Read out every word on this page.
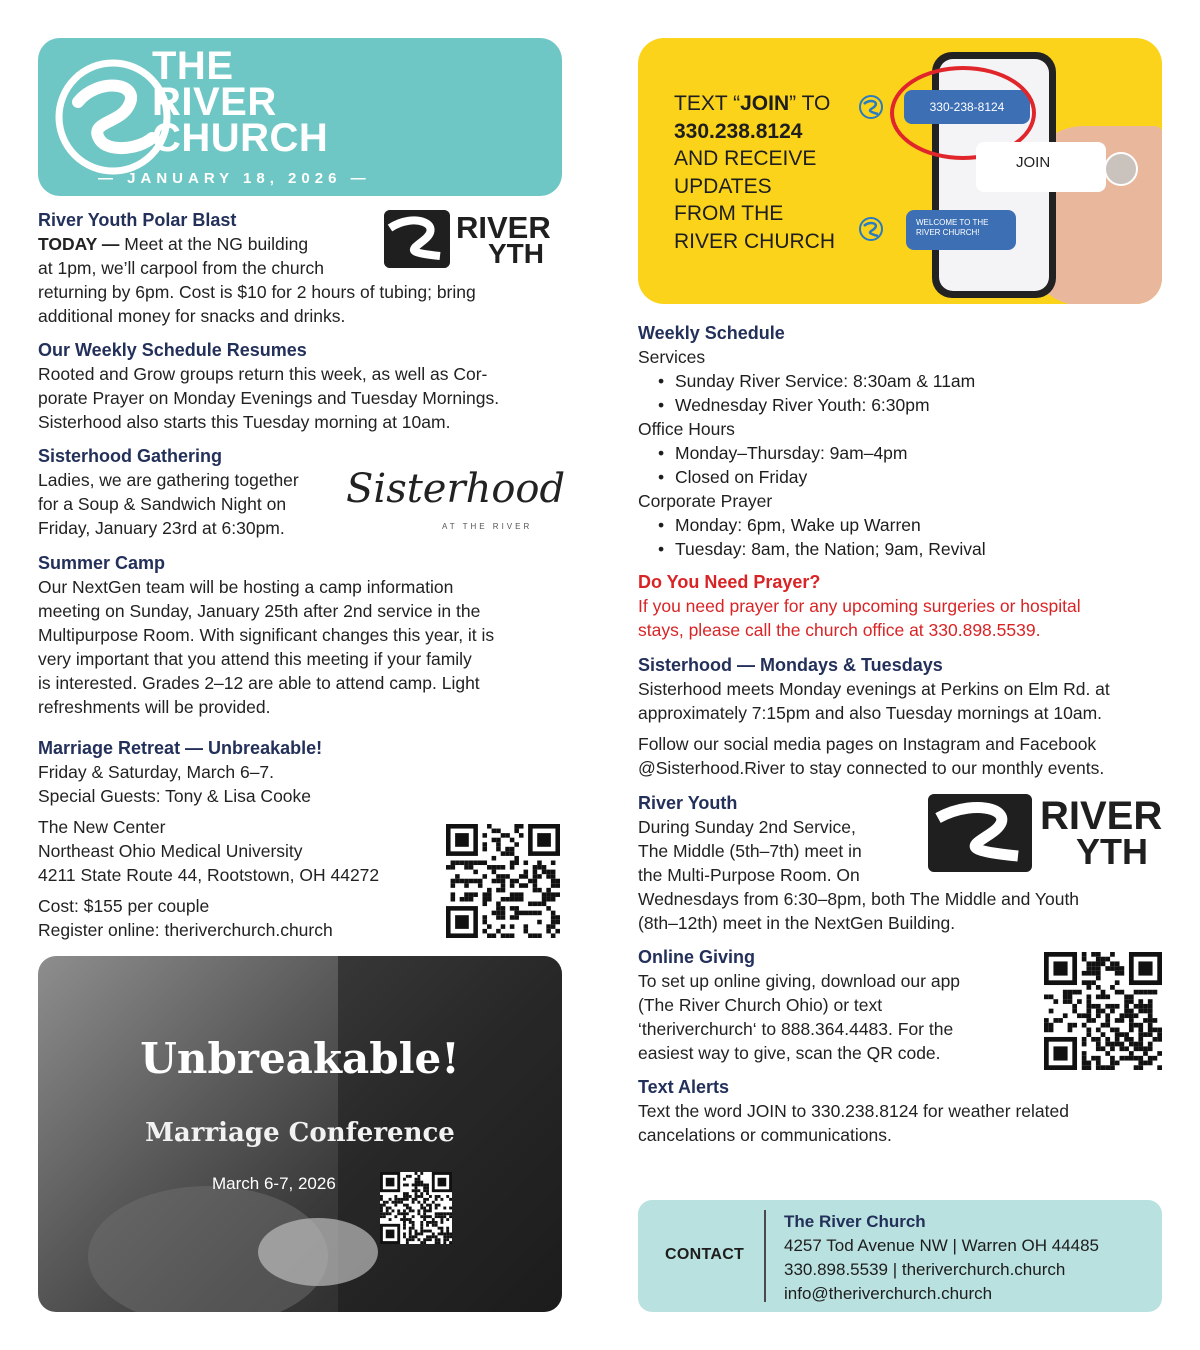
THE
RIVER
CHURCH
— JANUARY 18, 2026 —
River Youth Polar Blast
TODAY — Meet at the NG building
at 1pm, we’ll carpool from the church
returning by 6pm. Cost is $10 for 2 hours of tubing; bring
additional money for snacks and drinks.
RIVER
YTH
Our Weekly Schedule Resumes
Rooted and Grow groups return this week, as well as Cor-
porate Prayer on Monday Evenings and Tuesday Mornings.
Sisterhood also starts this Tuesday morning at 10am.
Sisterhood Gathering
Ladies, we are gathering together
for a Soup & Sandwich Night on
Friday, January 23rd at 6:30pm.
Sisterhood
AT THE RIVER
Summer Camp
Our NextGen team will be hosting a camp information
meeting on Sunday, January 25th after 2nd service in the
Multipurpose Room. With significant changes this year, it is
very important that you attend this meeting if your family
is interested. Grades 2–12 are able to attend camp. Light
refreshments will be provided.
Marriage Retreat — Unbreakable!
Friday & Saturday, March 6–7.
Special Guests: Tony & Lisa Cooke
The New Center
Northeast Ohio Medical University
4211 State Route 44, Rootstown, OH 44272
Cost: $155 per couple
Register online: theriverchurch.church
Unbreakable!
Marriage Conference
March 6-7, 2026
TEXT “JOIN” TO
330.238.8124
AND RECEIVE
UPDATES
FROM THE
RIVER CHURCH
330-238-8124
JOIN
WELCOME TO THE RIVER CHURCH!
Weekly Schedule
Services
• Sunday River Service: 8:30am & 11am
• Wednesday River Youth: 6:30pm
Office Hours
• Monday–Thursday: 9am–4pm
• Closed on Friday
Corporate Prayer
• Monday: 6pm, Wake up Warren
• Tuesday: 8am, the Nation; 9am, Revival
Do You Need Prayer?
If you need prayer for any upcoming surgeries or hospital
stays, please call the church office at 330.898.5539.
Sisterhood — Mondays & Tuesdays
Sisterhood meets Monday evenings at Perkins on Elm Rd. at
approximately 7:15pm and also Tuesday mornings at 10am.
Follow our social media pages on Instagram and Facebook
@Sisterhood.River to stay connected to our monthly events.
River Youth
During Sunday 2nd Service,
The Middle (5th–7th) meet in
the Multi-Purpose Room. On
Wednesdays from 6:30–8pm, both The Middle and Youth
(8th–12th) meet in the NextGen Building.
RIVER
YTH
Online Giving
To set up online giving, download our app
(The River Church Ohio) or text
‘theriverchurch‘ to 888.364.4483. For the
easiest way to give, scan the QR code.
Text Alerts
Text the word JOIN to 330.238.8124 for weather related
cancelations or communications.
CONTACT
The River Church
4257 Tod Avenue NW | Warren OH 44485
330.898.5539 | theriverchurch.church
info@theriverchurch.church
